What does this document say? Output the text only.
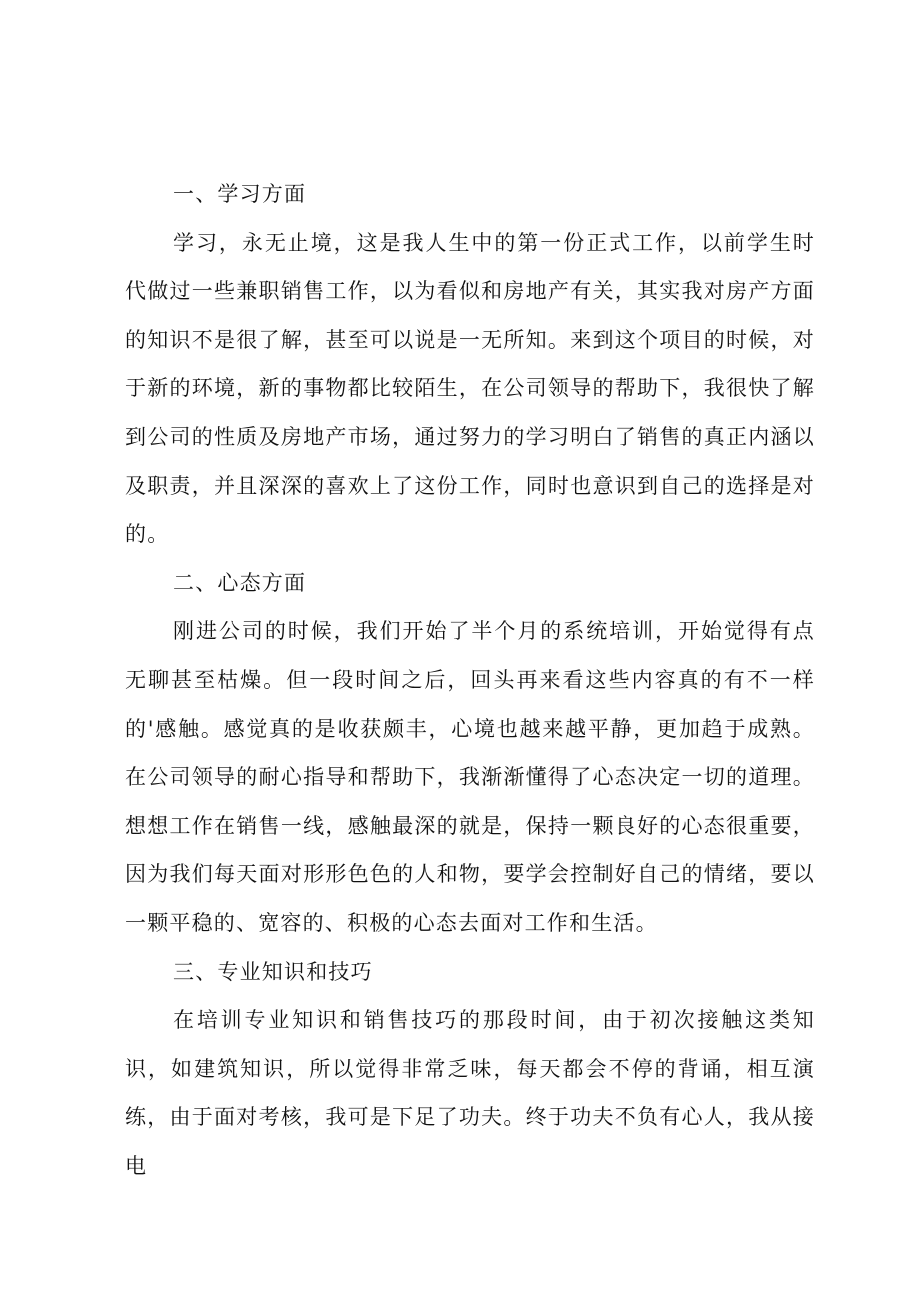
一、学习方面

学习，永无止境，这是我人生中的第一份正式工作，以前学生时代做过一些兼职销售工作，以为看似和房地产有关，其实我对房产方面的知识不是很了解，甚至可以说是一无所知。来到这个项目的时候，对于新的环境，新的事物都比较陌生，在公司领导的帮助下，我很快了解到公司的性质及房地产市场，通过努力的学习明白了销售的真正内涵以及职责，并且深深的喜欢上了这份工作，同时也意识到自己的选择是对的。

二、心态方面

刚进公司的时候，我们开始了半个月的系统培训，开始觉得有点无聊甚至枯燥。但一段时间之后，回头再来看这些内容真的有不一样的'感触。感觉真的是收获颇丰，心境也越来越平静，更加趋于成熟。在公司领导的耐心指导和帮助下，我渐渐懂得了心态决定一切的道理。想想工作在销售一线，感触最深的就是，保持一颗良好的心态很重要，因为我们每天面对形形色色的人和物，要学会控制好自己的情绪，要以一颗平稳的、宽容的、积极的心态去面对工作和生活。

三、专业知识和技巧

在培训专业知识和销售技巧的那段时间，由于初次接触这类知识，如建筑知识，所以觉得非常乏味，每天都会不停的背诵，相互演练，由于面对考核，我可是下足了功夫。终于功夫不负有心人，我从接电
